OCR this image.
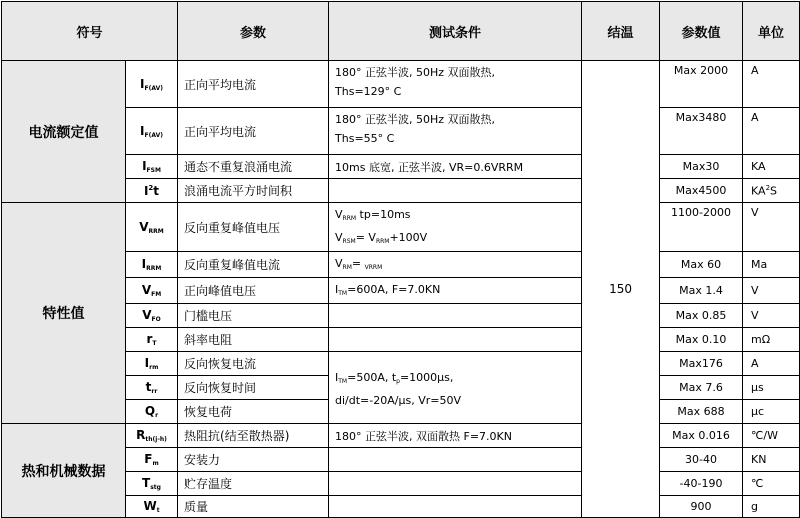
符号		参数	测试条件	结温	参数值	单位
电流额定值	$I_{F(AV)}$	正向平均电流	180° 正弦半波, 50Hz 双面散热,
Ths=129° C	150	Max 2000	A
	$I_{F(AV)}$	正向平均电流	180° 正弦半波, 50Hz 双面散热,
Ths=55° C		Max3480	A
	$I_{FSM}$	通态不重复浪涌电流	10ms 底宽, 正弦半波, VR=0.6VRRM		Max30	KA
	$I^2t$	浪涌电流平方时间积			Max4500	$KA^2S$
特性值	$V_{RRM}$	反向重复峰值电压	$V_{RRM}$ tp=10ms
$V_{RSM}= V_{RRM}+100V$		1100-2000	V
	$I_{RRM}$	反向重复峰值电流	$V_{RM}= _{VRRM}$		Max 60	Ma
	$V_{FM}$	正向峰值电压	$I_{TM}=600A$, F=7.0KN		Max 1.4	V
	$V_{FO}$	门槛电压			Max 0.85	V
	$r_T$	斜率电阻			Max 0.10	mΩ
	$I_{rm}$	反向恢复电流	$I_{TM}=500A$, $t_p=1000\mu s$,
di/dt=-20A/μs, Vr=50V		Max176	A
	$t_{rr}$	反向恢复时间			Max 7.6	μs
	$Q_r$	恢复电荷			Max 688	μc
热和机械数据	$R_{th(j-h)}$	热阻抗(结至散热器)	180° 正弦半波, 双面散热 F=7.0KN		Max 0.016	℃/W
	$F_m$	安装力			30-40	KN
	$T_{stg}$	贮存温度			-40-190	℃
	$W_t$	质量			900	g
